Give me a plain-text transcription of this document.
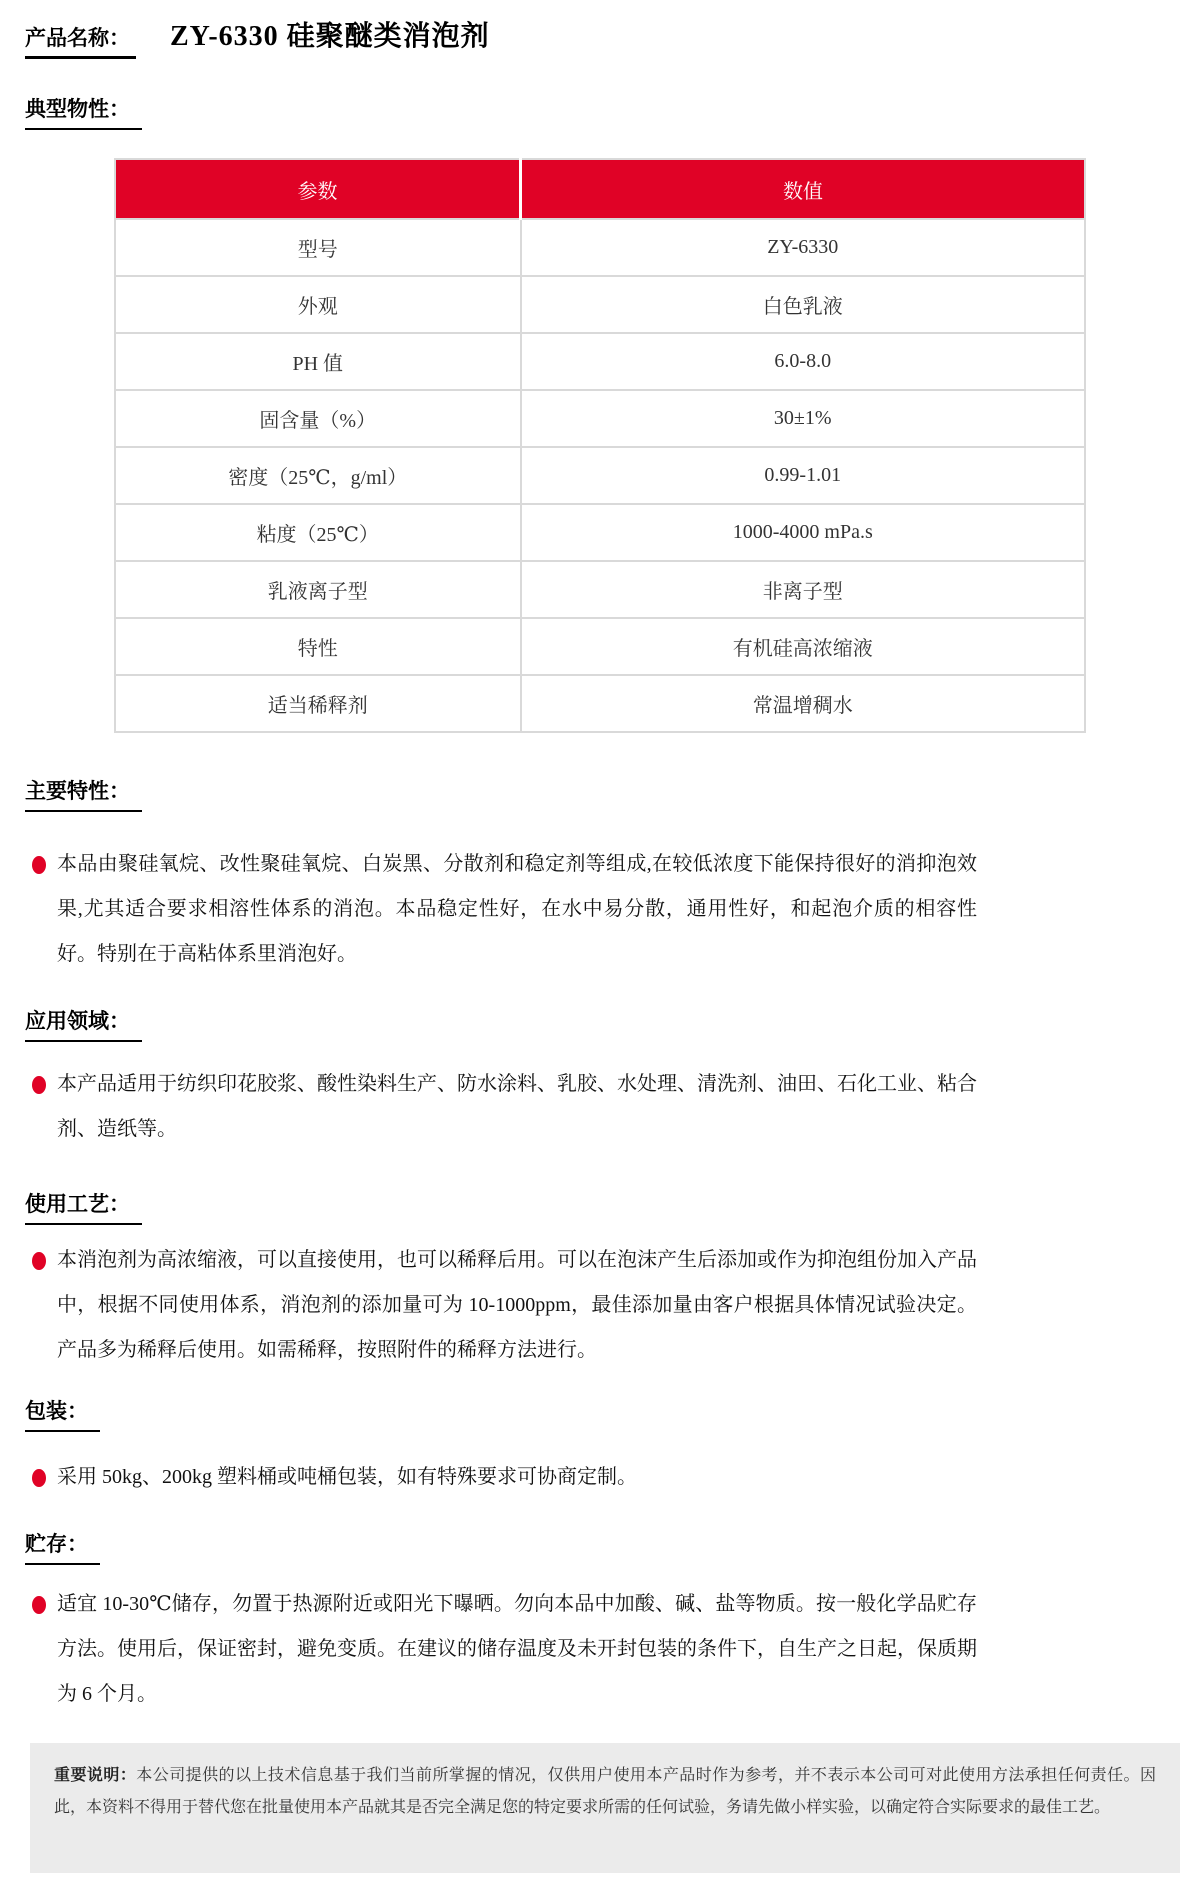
产品名称： ZY-6330 硅聚醚类消泡剂
典型物性：
参数	数值
型号	ZY-6330
外观	白色乳液
PH 值	6.0-8.0
固含量（%）	30±1%
密度（25℃，g/ml）	0.99-1.01
粘度（25℃）	1000-4000 mPa.s
乳液离子型	非离子型
特性	有机硅高浓缩液
适当稀释剂	常温增稠水
主要特性：
本品由聚硅氧烷、改性聚硅氧烷、白炭黑、分散剂和稳定剂等组成,在较低浓度下能保持很好的消抑泡效果,尤其适合要求相溶性体系的消泡。本品稳定性好，在水中易分散，通用性好，和起泡介质的相容性好。特别在于高粘体系里消泡好。
应用领域：
本产品适用于纺织印花胶浆、酸性染料生产、防水涂料、乳胶、水处理、清洗剂、油田、石化工业、粘合剂、造纸等。
使用工艺：
本消泡剂为高浓缩液，可以直接使用，也可以稀释后用。可以在泡沫产生后添加或作为抑泡组份加入产品中，根据不同使用体系，消泡剂的添加量可为 10-1000ppm，最佳添加量由客户根据具体情况试验决定。产品多为稀释后使用。如需稀释，按照附件的稀释方法进行。
包装：
采用 50kg、200kg 塑料桶或吨桶包装，如有特殊要求可协商定制。
贮存：
适宜 10-30℃储存，勿置于热源附近或阳光下曝晒。勿向本品中加酸、碱、盐等物质。按一般化学品贮存方法。使用后，保证密封，避免变质。在建议的储存温度及未开封包装的条件下，自生产之日起，保质期为 6 个月。
重要说明：本公司提供的以上技术信息基于我们当前所掌握的情况，仅供用户使用本产品时作为参考，并不表示本公司可对此使用方法承担任何责任。因此，本资料不得用于替代您在批量使用本产品就其是否完全满足您的特定要求所需的任何试验，务请先做小样实验，以确定符合实际要求的最佳工艺。
